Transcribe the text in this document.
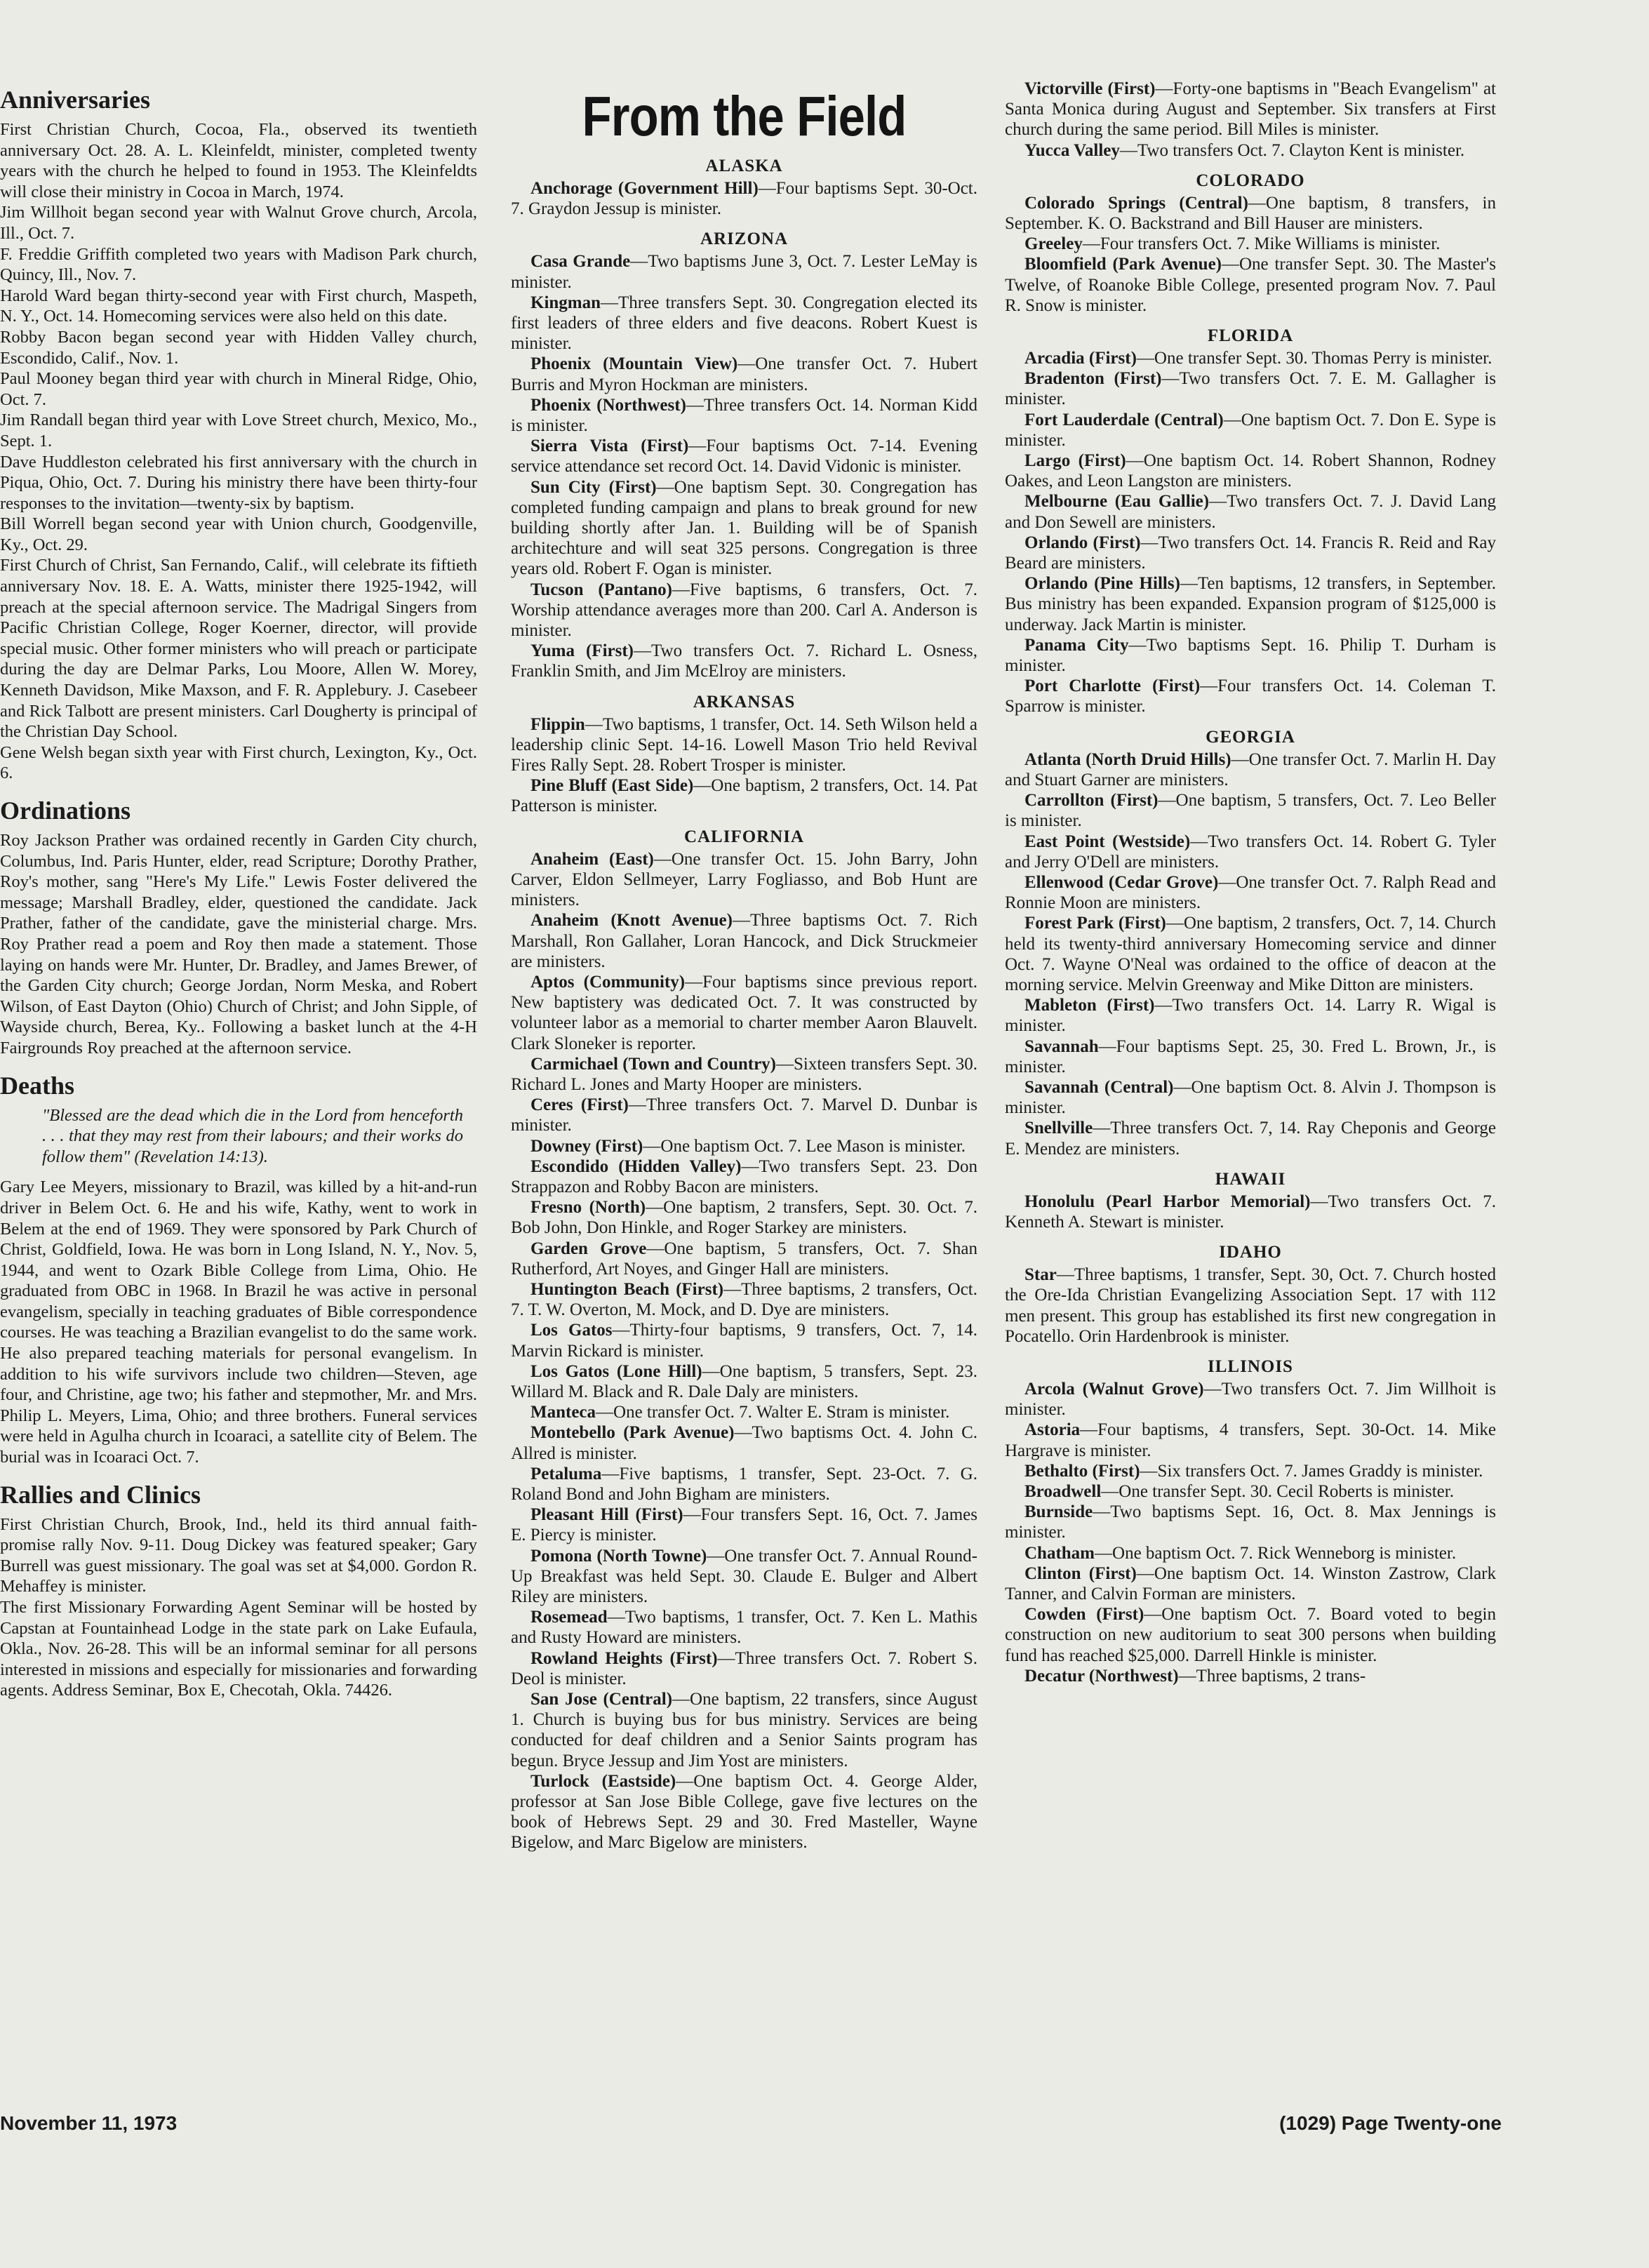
Anniversaries

First Christian Church, Cocoa, Fla., observed its twentieth anniversary Oct. 28. A. L. Kleinfeldt, minister, completed twenty years with the church he helped to found in 1953. The Kleinfeldts will close their ministry in Cocoa in March, 1974.

Jim Willhoit began second year with Walnut Grove church, Arcola, Ill., Oct. 7.

F. Freddie Griffith completed two years with Madison Park church, Quincy, Ill., Nov. 7.

Harold Ward began thirty-second year with First church, Maspeth, N. Y., Oct. 14. Homecoming services were also held on this date.

Robby Bacon began second year with Hidden Valley church, Escondido, Calif., Nov. 1.

Paul Mooney began third year with church in Mineral Ridge, Ohio, Oct. 7.

Jim Randall began third year with Love Street church, Mexico, Mo., Sept. 1.

Dave Huddleston celebrated his first anniversary with the church in Piqua, Ohio, Oct. 7. During his ministry there have been thirty-four responses to the invitation—twenty-six by baptism.

Bill Worrell began second year with Union church, Goodgenville, Ky., Oct. 29.

First Church of Christ, San Fernando, Calif., will celebrate its fiftieth anniversary Nov. 18. E. A. Watts, minister there 1925-1942, will preach at the special afternoon service. The Madrigal Singers from Pacific Christian College, Roger Koerner, director, will provide special music. Other former ministers who will preach or participate during the day are Delmar Parks, Lou Moore, Allen W. Morey, Kenneth Davidson, Mike Maxson, and F. R. Applebury. J. Casebeer and Rick Talbott are present ministers. Carl Dougherty is principal of the Christian Day School.

Gene Welsh began sixth year with First church, Lexington, Ky., Oct. 6.

Ordinations

Roy Jackson Prather was ordained recently in Garden City church, Columbus, Ind. Paris Hunter, elder, read Scripture; Dorothy Prather, Roy's mother, sang "Here's My Life." Lewis Foster delivered the message; Marshall Bradley, elder, questioned the candidate. Jack Prather, father of the candidate, gave the ministerial charge. Mrs. Roy Prather read a poem and Roy then made a statement. Those laying on hands were Mr. Hunter, Dr. Bradley, and James Brewer, of the Garden City church; George Jordan, Norm Meska, and Robert Wilson, of East Dayton (Ohio) Church of Christ; and John Sipple, of Wayside church, Berea, Ky.. Following a basket lunch at the 4-H Fairgrounds Roy preached at the afternoon service.

Deaths

"Blessed are the dead which die in the Lord from henceforth . . . that they may rest from their labours; and their works do follow them" (Revelation 14:13).

Gary Lee Meyers, missionary to Brazil, was killed by a hit-and-run driver in Belem Oct. 6. He and his wife, Kathy, went to work in Belem at the end of 1969. They were sponsored by Park Church of Christ, Goldfield, Iowa. He was born in Long Island, N. Y., Nov. 5, 1944, and went to Ozark Bible College from Lima, Ohio. He graduated from OBC in 1968. In Brazil he was active in personal evangelism, specially in teaching graduates of Bible correspondence courses. He was teaching a Brazilian evangelist to do the same work. He also prepared teaching materials for personal evangelism. In addition to his wife survivors include two children—Steven, age four, and Christine, age two; his father and stepmother, Mr. and Mrs. Philip L. Meyers, Lima, Ohio; and three brothers. Funeral services were held in Agulha church in Icoaraci, a satellite city of Belem. The burial was in Icoaraci Oct. 7.

Rallies and Clinics

First Christian Church, Brook, Ind., held its third annual faith-promise rally Nov. 9-11. Doug Dickey was featured speaker; Gary Burrell was guest missionary. The goal was set at $4,000. Gordon R. Mehaffey is minister.

The first Missionary Forwarding Agent Seminar will be hosted by Capstan at Fountainhead Lodge in the state park on Lake Eufaula, Okla., Nov. 26-28. This will be an informal seminar for all persons interested in missions and especially for missionaries and forwarding agents. Address Seminar, Box E, Checotah, Okla. 74426.

From the Field
ALASKA

Anchorage (Government Hill)—Four baptisms Sept. 30-Oct. 7. Graydon Jessup is minister.

ARIZONA

Casa Grande—Two baptisms June 3, Oct. 7. Lester LeMay is minister.

Kingman—Three transfers Sept. 30. Congregation elected its first leaders of three elders and five deacons. Robert Kuest is minister.

Phoenix (Mountain View)—One transfer Oct. 7. Hubert Burris and Myron Hockman are ministers.

Phoenix (Northwest)—Three transfers Oct. 14. Norman Kidd is minister.

Sierra Vista (First)—Four baptisms Oct. 7-14. Evening service attendance set record Oct. 14. David Vidonic is minister.

Sun City (First)—One baptism Sept. 30. Congregation has completed funding campaign and plans to break ground for new building shortly after Jan. 1. Building will be of Spanish architechture and will seat 325 persons. Congregation is three years old. Robert F. Ogan is minister.

Tucson (Pantano)—Five baptisms, 6 transfers, Oct. 7. Worship attendance averages more than 200. Carl A. Anderson is minister.

Yuma (First)—Two transfers Oct. 7. Richard L. Osness, Franklin Smith, and Jim McElroy are ministers.

ARKANSAS

Flippin—Two baptisms, 1 transfer, Oct. 14. Seth Wilson held a leadership clinic Sept. 14-16. Lowell Mason Trio held Revival Fires Rally Sept. 28. Robert Trosper is minister.

Pine Bluff (East Side)—One baptism, 2 transfers, Oct. 14. Pat Patterson is minister.

CALIFORNIA

Anaheim (East)—One transfer Oct. 15. John Barry, John Carver, Eldon Sellmeyer, Larry Fogliasso, and Bob Hunt are ministers.

Anaheim (Knott Avenue)—Three baptisms Oct. 7. Rich Marshall, Ron Gallaher, Loran Hancock, and Dick Struckmeier are ministers.

Aptos (Community)—Four baptisms since previous report. New baptistery was dedicated Oct. 7. It was constructed by volunteer labor as a memorial to charter member Aaron Blauvelt. Clark Sloneker is reporter.

Carmichael (Town and Country)—Sixteen transfers Sept. 30. Richard L. Jones and Marty Hooper are ministers.

Ceres (First)—Three transfers Oct. 7. Marvel D. Dunbar is minister.

Downey (First)—One baptism Oct. 7. Lee Mason is minister.

Escondido (Hidden Valley)—Two transfers Sept. 23. Don Strappazon and Robby Bacon are ministers.

Fresno (North)—One baptism, 2 transfers, Sept. 30. Oct. 7. Bob John, Don Hinkle, and Roger Starkey are ministers.

Garden Grove—One baptism, 5 transfers, Oct. 7. Shan Rutherford, Art Noyes, and Ginger Hall are ministers.

Huntington Beach (First)—Three baptisms, 2 transfers, Oct. 7. T. W. Overton, M. Mock, and D. Dye are ministers.

Los Gatos—Thirty-four baptisms, 9 transfers, Oct. 7, 14. Marvin Rickard is minister.

Los Gatos (Lone Hill)—One baptism, 5 transfers, Sept. 23. Willard M. Black and R. Dale Daly are ministers.

Manteca—One transfer Oct. 7. Walter E. Stram is minister.

Montebello (Park Avenue)—Two baptisms Oct. 4. John C. Allred is minister.

Petaluma—Five baptisms, 1 transfer, Sept. 23-Oct. 7. G. Roland Bond and John Bigham are ministers.

Pleasant Hill (First)—Four transfers Sept. 16, Oct. 7. James E. Piercy is minister.

Pomona (North Towne)—One transfer Oct. 7. Annual Round-Up Breakfast was held Sept. 30. Claude E. Bulger and Albert Riley are ministers.

Rosemead—Two baptisms, 1 transfer, Oct. 7. Ken L. Mathis and Rusty Howard are ministers.

Rowland Heights (First)—Three transfers Oct. 7. Robert S. Deol is minister.

San Jose (Central)—One baptism, 22 transfers, since August 1. Church is buying bus for bus ministry. Services are being conducted for deaf children and a Senior Saints program has begun. Bryce Jessup and Jim Yost are ministers.

Turlock (Eastside)—One baptism Oct. 4. George Alder, professor at San Jose Bible College, gave five lectures on the book of Hebrews Sept. 29 and 30. Fred Masteller, Wayne Bigelow, and Marc Bigelow are ministers.

Victorville (First)—Forty-one baptisms in "Beach Evangelism" at Santa Monica during August and September. Six transfers at First church during the same period. Bill Miles is minister.

Yucca Valley—Two transfers Oct. 7. Clayton Kent is minister.

COLORADO

Colorado Springs (Central)—One baptism, 8 transfers, in September. K. O. Backstrand and Bill Hauser are ministers.

Greeley—Four transfers Oct. 7. Mike Williams is minister.

Bloomfield (Park Avenue)—One transfer Sept. 30. The Master's Twelve, of Roanoke Bible College, presented program Nov. 7. Paul R. Snow is minister.

FLORIDA

Arcadia (First)—One transfer Sept. 30. Thomas Perry is minister.

Bradenton (First)—Two transfers Oct. 7. E. M. Gallagher is minister.

Fort Lauderdale (Central)—One baptism Oct. 7. Don E. Sype is minister.

Largo (First)—One baptism Oct. 14. Robert Shannon, Rodney Oakes, and Leon Langston are ministers.

Melbourne (Eau Gallie)—Two transfers Oct. 7. J. David Lang and Don Sewell are ministers.

Orlando (First)—Two transfers Oct. 14. Francis R. Reid and Ray Beard are ministers.

Orlando (Pine Hills)—Ten baptisms, 12 transfers, in September. Bus ministry has been expanded. Expansion program of $125,000 is underway. Jack Martin is minister.

Panama City—Two baptisms Sept. 16. Philip T. Durham is minister.

Port Charlotte (First)—Four transfers Oct. 14. Coleman T. Sparrow is minister.

GEORGIA

Atlanta (North Druid Hills)—One transfer Oct. 7. Marlin H. Day and Stuart Garner are ministers.

Carrollton (First)—One baptism, 5 transfers, Oct. 7. Leo Beller is minister.

East Point (Westside)—Two transfers Oct. 14. Robert G. Tyler and Jerry O'Dell are ministers.

Ellenwood (Cedar Grove)—One transfer Oct. 7. Ralph Read and Ronnie Moon are ministers.

Forest Park (First)—One baptism, 2 transfers, Oct. 7, 14. Church held its twenty-third anniversary Homecoming service and dinner Oct. 7. Wayne O'Neal was ordained to the office of deacon at the morning service. Melvin Greenway and Mike Ditton are ministers.

Mableton (First)—Two transfers Oct. 14. Larry R. Wigal is minister.

Savannah—Four baptisms Sept. 25, 30. Fred L. Brown, Jr., is minister.

Savannah (Central)—One baptism Oct. 8. Alvin J. Thompson is minister.

Snellville—Three transfers Oct. 7, 14. Ray Cheponis and George E. Mendez are ministers.

HAWAII

Honolulu (Pearl Harbor Memorial)—Two transfers Oct. 7. Kenneth A. Stewart is minister.

IDAHO

Star—Three baptisms, 1 transfer, Sept. 30, Oct. 7. Church hosted the Ore-Ida Christian Evangelizing Association Sept. 17 with 112 men present. This group has established its first new congregation in Pocatello. Orin Hardenbrook is minister.

ILLINOIS

Arcola (Walnut Grove)—Two transfers Oct. 7. Jim Willhoit is minister.

Astoria—Four baptisms, 4 transfers, Sept. 30-Oct. 14. Mike Hargrave is minister.

Bethalto (First)—Six transfers Oct. 7. James Graddy is minister.

Broadwell—One transfer Sept. 30. Cecil Roberts is minister.

Burnside—Two baptisms Sept. 16, Oct. 8. Max Jennings is minister.

Chatham—One baptism Oct. 7. Rick Wenneborg is minister.

Clinton (First)—One baptism Oct. 14. Winston Zastrow, Clark Tanner, and Calvin Forman are ministers.

Cowden (First)—One baptism Oct. 7. Board voted to begin construction on new auditorium to seat 300 persons when building fund has reached $25,000. Darrell Hinkle is minister.

Decatur (Northwest)—Three baptisms, 2 trans-

November 11, 1973	(1029) Page Twenty-one
